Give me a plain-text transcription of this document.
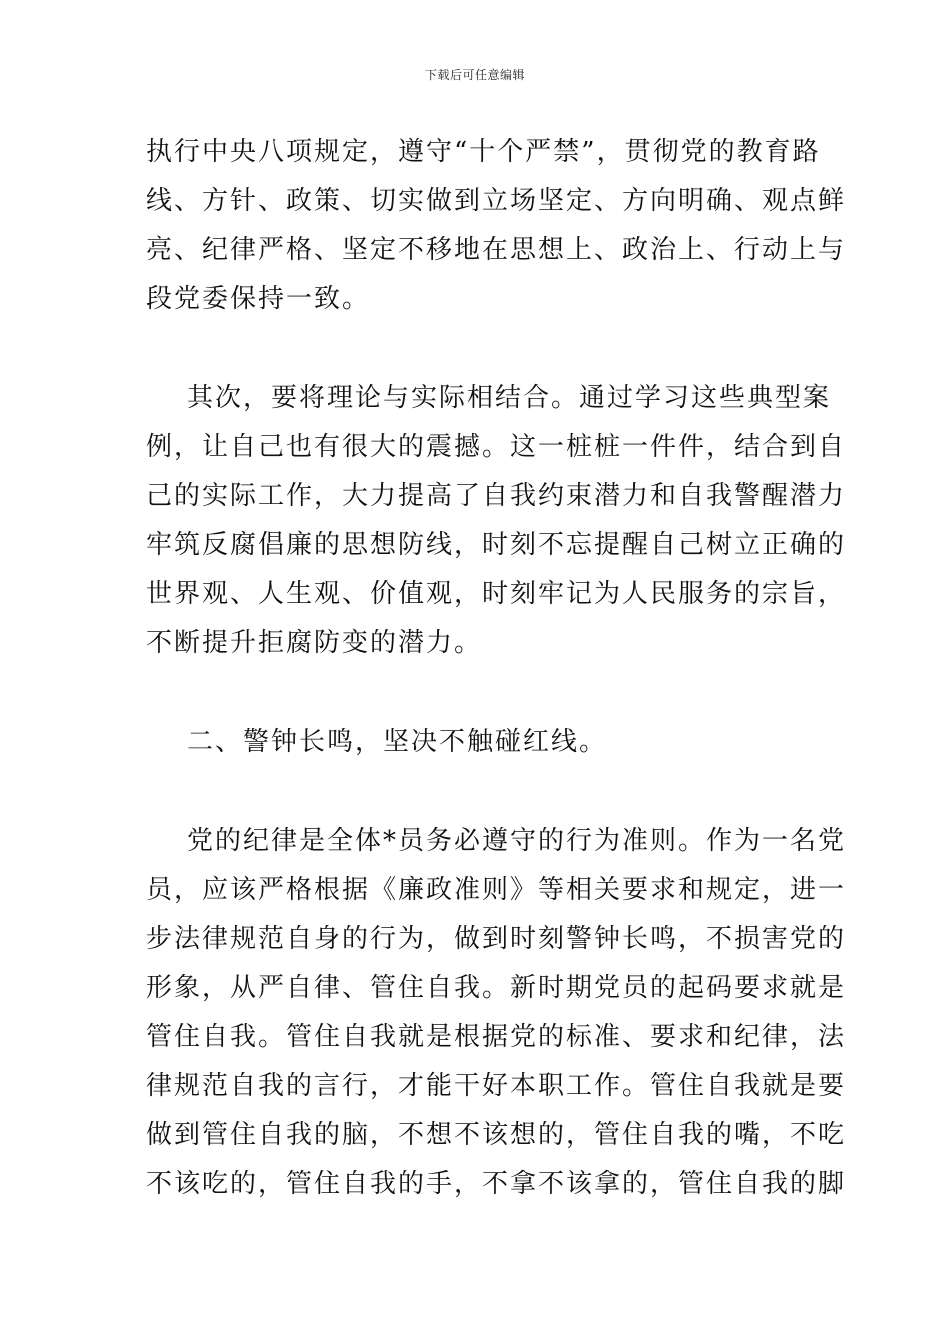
下载后可任意编辑
执行中央八项规定，遵守“十个严禁”，贯彻党的教育路
线、方针、政策、切实做到立场坚定、方向明确、观点鲜
亮、纪律严格、坚定不移地在思想上、政治上、行动上与
段党委保持一致。
其次，要将理论与实际相结合。通过学习这些典型案
例，让自己也有很大的震撼。这一桩桩一件件，结合到自
己的实际工作，大力提高了自我约束潜力和自我警醒潜力
牢筑反腐倡廉的思想防线，时刻不忘提醒自己树立正确的
世界观、人生观、价值观，时刻牢记为人民服务的宗旨，
不断提升拒腐防变的潜力。
二、警钟长鸣，坚决不触碰红线。
党的纪律是全体*员务必遵守的行为准则。作为一名党
员，应该严格根据《廉政准则》等相关要求和规定，进一
步法律规范自身的行为，做到时刻警钟长鸣，不损害党的
形象，从严自律、管住自我。新时期党员的起码要求就是
管住自我。管住自我就是根据党的标准、要求和纪律，法
律规范自我的言行，才能干好本职工作。管住自我就是要
做到管住自我的脑，不想不该想的，管住自我的嘴，不吃
不该吃的，管住自我的手，不拿不该拿的，管住自我的脚
